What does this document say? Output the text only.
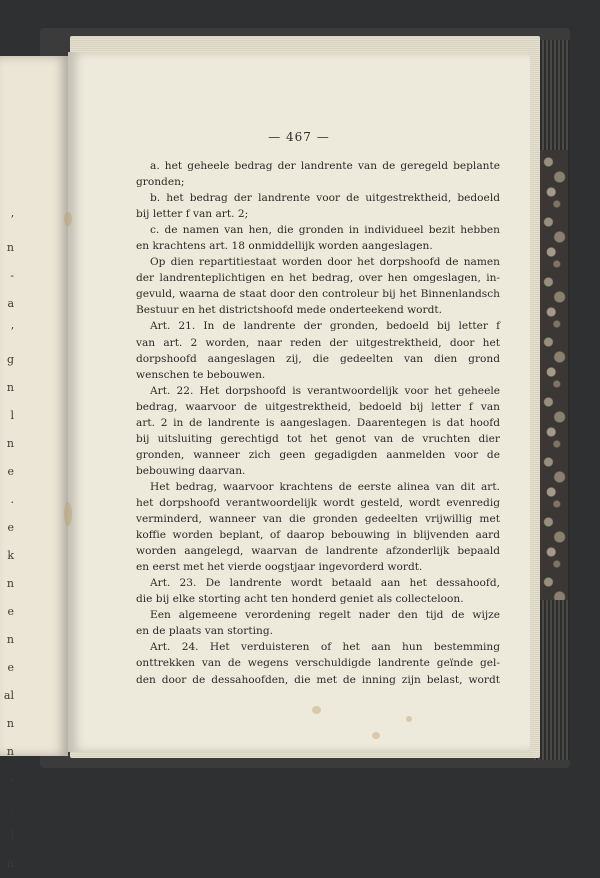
’
n
-
a
’
g
n
l
n
e
.
e
k
n
e
n
e
al
n
n
-
.
l
n
— 467 —

a. het geheele bedrag der landrente van de geregeld beplante

gronden;

b. het bedrag der landrente voor de uitgestrektheid, bedoeld

bij letter f van art. 2;

c. de namen van hen, die gronden in individueel bezit hebben

en krachtens art. 18 onmiddellijk worden aangeslagen.

Op dien repartitiestaat worden door het dorpshoofd de namen

der landrenteplichtigen en het bedrag, over hen omgeslagen, in-

gevuld, waarna de staat door den controleur bij het Binnenlandsch

Bestuur en het districtshoofd mede onderteekend wordt.

Art. 21. In de landrente der gronden, bedoeld bij letter f

van art. 2 worden, naar reden der uitgestrektheid, door het

dorpshoofd aangeslagen zij, die gedeelten van dien grond

wenschen te bebouwen.

Art. 22. Het dorpshoofd is verantwoordelijk voor het geheele

bedrag, waarvoor de uitgestrektheid, bedoeld bij letter f van

art. 2 in de landrente is aangeslagen. Daarentegen is dat hoofd

bij uitsluiting gerechtigd tot het genot van de vruchten dier

gronden, wanneer zich geen gegadigden aanmelden voor de

bebouwing daarvan.

Het bedrag, waarvoor krachtens de eerste alinea van dit art.

het dorpshoofd verantwoordelijk wordt gesteld, wordt evenredig

verminderd, wanneer van die gronden gedeelten vrijwillig met

koffie worden beplant, of daarop bebouwing in blijvenden aard

worden aangelegd, waarvan de landrente afzonderlijk bepaald

en eerst met het vierde oogstjaar ingevorderd wordt.

Art. 23. De landrente wordt betaald aan het dessahoofd,

die bij elke storting acht ten honderd geniet als collecteloon.

Een algemeene verordening regelt nader den tijd de wijze

en de plaats van storting.

Art. 24. Het verduisteren of het aan hun bestemming

onttrekken van de wegens verschuldigde landrente geïnde gel-

den door de dessahoofden, die met de inning zijn belast, wordt
